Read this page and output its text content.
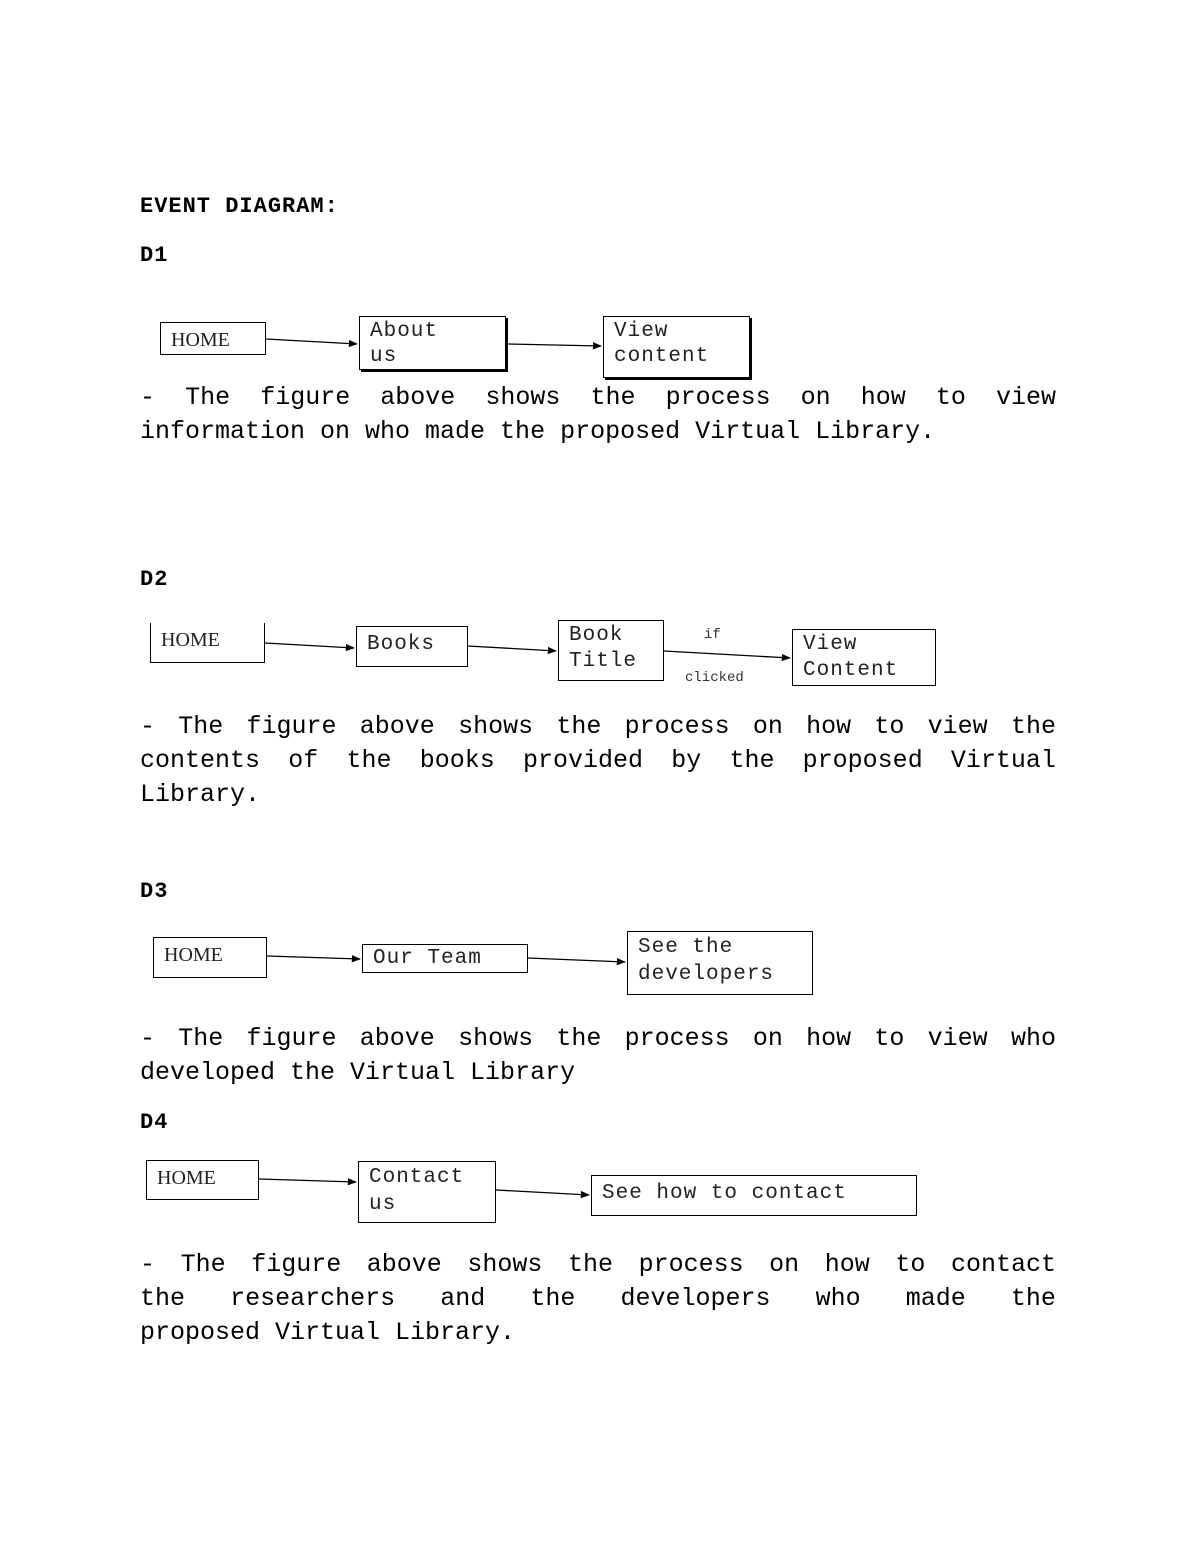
EVENT DIAGRAM:
D1
HOME	About
us
View
content
- The figure above shows the process on how to view
information on who made the proposed Virtual Library.
D2
HOME	Books	Book
Title
View
Content
if
clicked
- The figure above shows the process on how to view the
contents of the books provided by the proposed Virtual
Library.
D3
HOME	Our Team	See the
developers
- The figure above shows the process on how to view who
developed the Virtual Library
D4
HOME	Contact
us	See how to contact
- The figure above shows the process on how to contact
the researchers and the developers who made the
proposed Virtual Library.
